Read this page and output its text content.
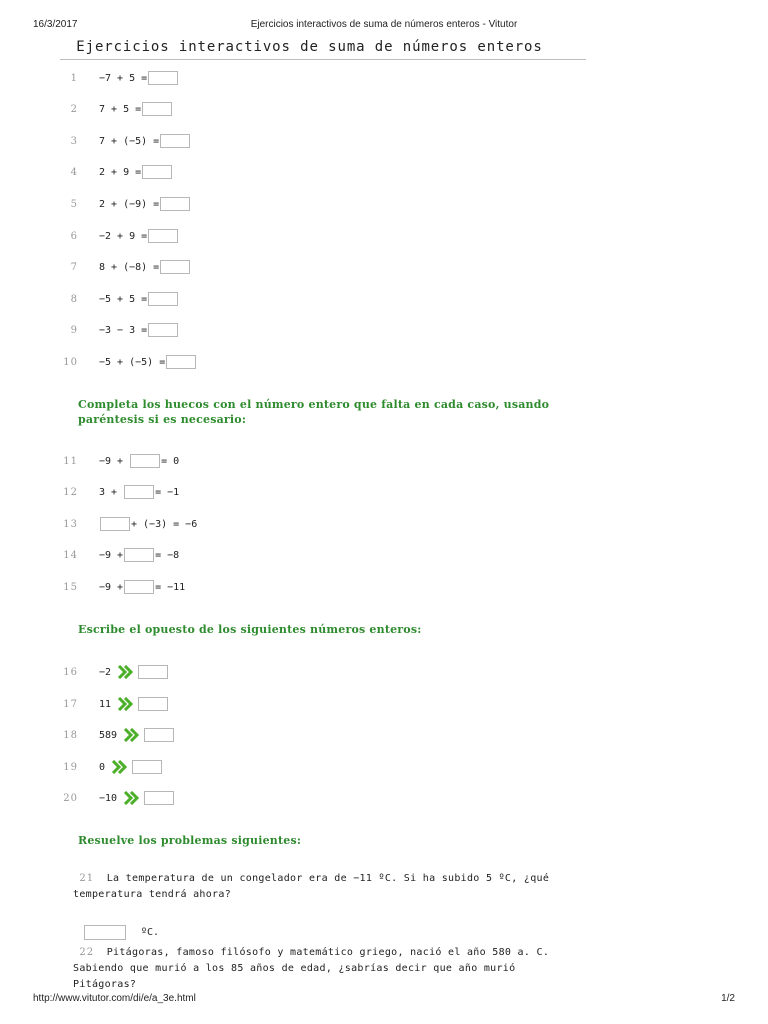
16/3/2017	Ejercicios interactivos de suma de números enteros - Vitutor
Ejercicios interactivos de suma de números enteros
1 −7 + 5 =
2 7 + 5 =
3 7 + (−5) =
4 2 + 9 =
5 2 + (−9) =
6 −2 + 9 =
7 8 + (−8) =
8 −5 + 5 =
9 −3 − 3 =
10 −5 + (−5) =
Completa los huecos con el número entero que falta en cada caso, usando
paréntesis si es necesario:
11 −9 +	= 0
12 3 +	= −1
13	+ (−3) = −6
14 −9 +	= −8
15 −9 +	= −11
Escribe el opuesto de los siguientes números enteros:
16 −2
17 11
18 589
19 0
20 −10
Resuelve los problemas siguientes:
21 La temperatura de un congelador era de −11 ºC. Si ha subido 5 ºC, ¿qué
temperatura tendrá ahora?
ºC.
22 Pitágoras, famoso filósofo y matemático griego, nació el año 580 a. C.
Sabiendo que murió a los 85 años de edad, ¿sabrías decir que año murió
Pitágoras?
http://www.vitutor.com/di/e/a_3e.html	1/2
